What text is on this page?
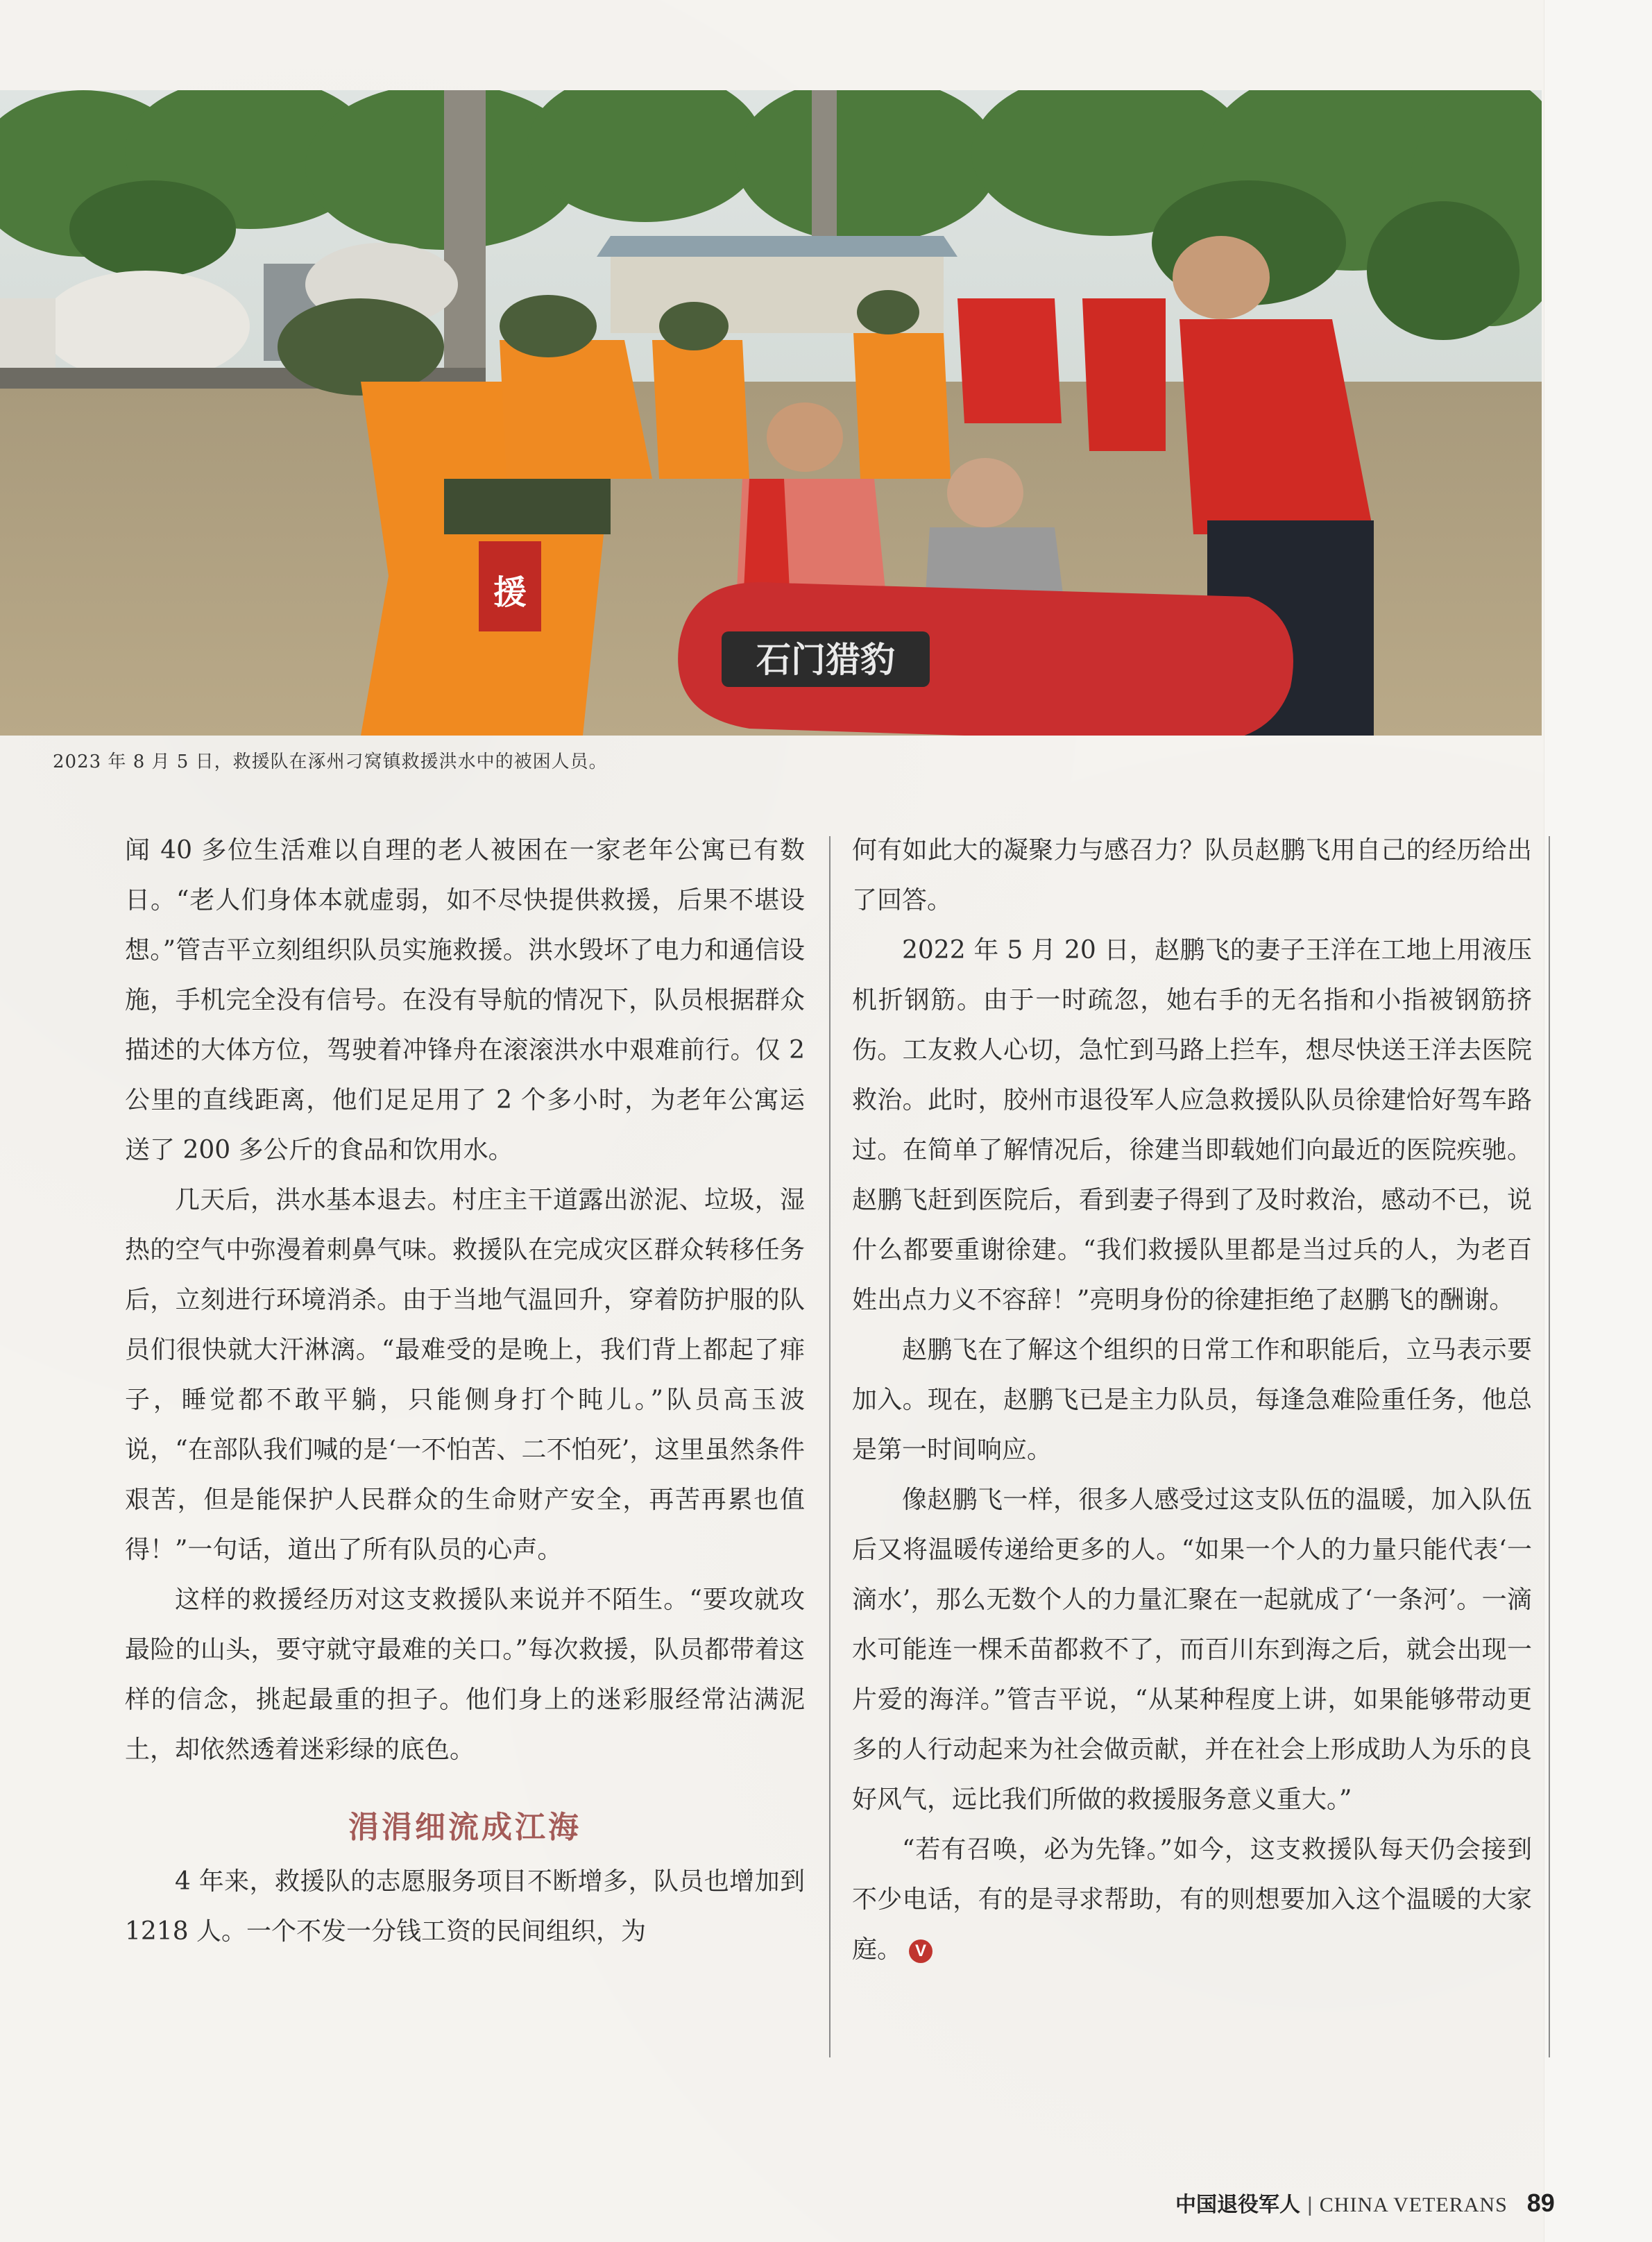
石门猎豹
援
2023 年 8 月 5 日，救援队在涿州刁窝镇救援洪水中的被困人员。

闻 40 多位生活难以自理的老人被困在一家老年公寓已有数日。“老人们身体本就虚弱，如不尽快提供救援，后果不堪设想。”管吉平立刻组织队员实施救援。洪水毁坏了电力和通信设施，手机完全没有信号。在没有导航的情况下，队员根据群众描述的大体方位，驾驶着冲锋舟在滚滚洪水中艰难前行。仅 2 公里的直线距离，他们足足用了 2 个多小时，为老年公寓运送了 200 多公斤的食品和饮用水。

几天后，洪水基本退去。村庄主干道露出淤泥、垃圾，湿热的空气中弥漫着刺鼻气味。救援队在完成灾区群众转移任务后，立刻进行环境消杀。由于当地气温回升，穿着防护服的队员们很快就大汗淋漓。“最难受的是晚上，我们背上都起了痱子，睡觉都不敢平躺，只能侧身打个盹儿。”队员高玉波说，“在部队我们喊的是‘一不怕苦、二不怕死’，这里虽然条件艰苦，但是能保护人民群众的生命财产安全，再苦再累也值得！”一句话，道出了所有队员的心声。

这样的救援经历对这支救援队来说并不陌生。“要攻就攻最险的山头，要守就守最难的关口。”每次救援，队员都带着这样的信念，挑起最重的担子。他们身上的迷彩服经常沾满泥土，却依然透着迷彩绿的底色。

涓涓细流成江海

4 年来，救援队的志愿服务项目不断增多，队员也增加到 1218 人。一个不发一分钱工资的民间组织，为

何有如此大的凝聚力与感召力？队员赵鹏飞用自己的经历给出了回答。

2022 年 5 月 20 日，赵鹏飞的妻子王洋在工地上用液压机折钢筋。由于一时疏忽，她右手的无名指和小指被钢筋挤伤。工友救人心切，急忙到马路上拦车，想尽快送王洋去医院救治。此时，胶州市退役军人应急救援队队员徐建恰好驾车路过。在简单了解情况后，徐建当即载她们向最近的医院疾驰。赵鹏飞赶到医院后，看到妻子得到了及时救治，感动不已，说什么都要重谢徐建。“我们救援队里都是当过兵的人，为老百姓出点力义不容辞！”亮明身份的徐建拒绝了赵鹏飞的酬谢。

赵鹏飞在了解这个组织的日常工作和职能后，立马表示要加入。现在，赵鹏飞已是主力队员，每逢急难险重任务，他总是第一时间响应。

像赵鹏飞一样，很多人感受过这支队伍的温暖，加入队伍后又将温暖传递给更多的人。“如果一个人的力量只能代表‘一滴水’，那么无数个人的力量汇聚在一起就成了‘一条河’。一滴水可能连一棵禾苗都救不了，而百川东到海之后，就会出现一片爱的海洋。”管吉平说，“从某种程度上讲，如果能够带动更多的人行动起来为社会做贡献，并在社会上形成助人为乐的良好风气，远比我们所做的救援服务意义重大。”

“若有召唤，必为先锋。”如今，这支救援队每天仍会接到不少电话，有的是寻求帮助，有的则想要加入这个温暖的大家庭。 V

中国退役军人 | CHINA VETERANS 89
